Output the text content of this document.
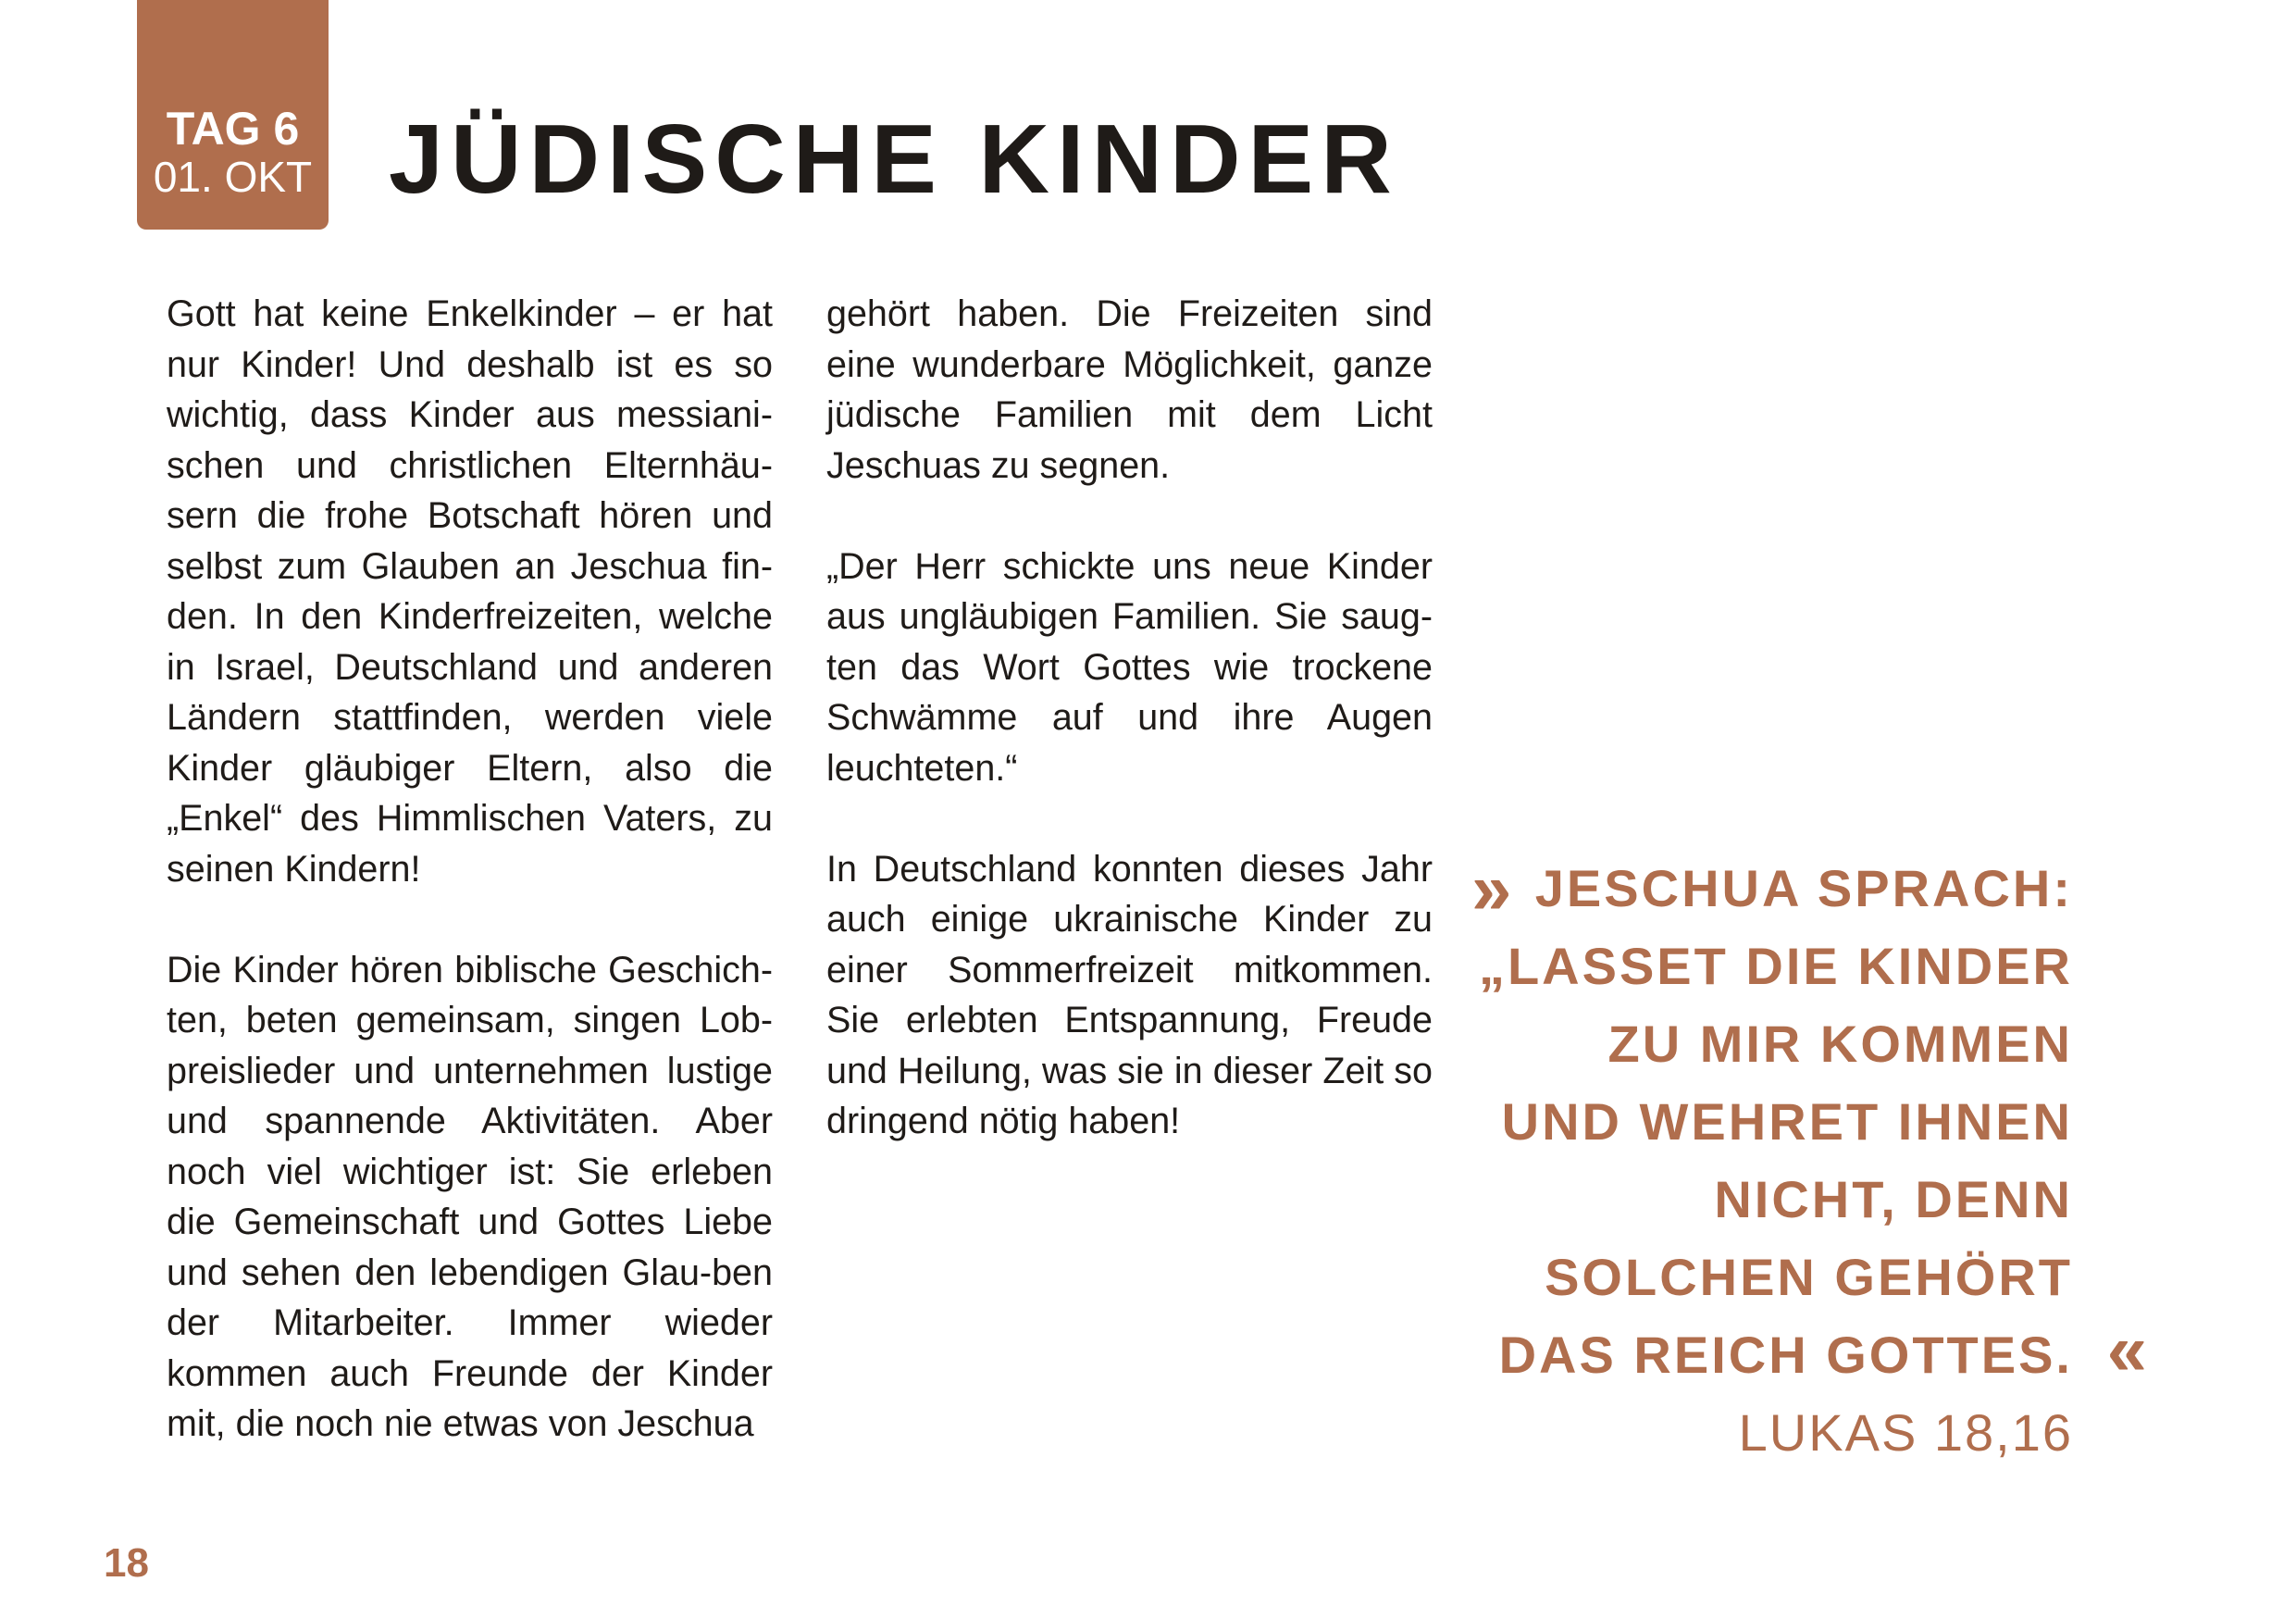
TAG 6
01. OKT JÜDISCHE KINDER

Gott hat keine Enkelkinder – er hat nur Kinder! Und deshalb ist es so wichtig, dass Kinder aus messiani-schen und christlichen Elternhäu-sern die frohe Botschaft hören und selbst zum Glauben an Jeschua fin-den. In den Kinderfreizeiten, welche in Israel, Deutschland und anderen Ländern stattfinden, werden viele Kinder gläubiger Eltern, also die „Enkel“ des Himmlischen Vaters, zu seinen Kindern!

Die Kinder hören biblische Geschich-ten, beten gemeinsam, singen Lob-preislieder und unternehmen lustige und spannende Aktivitäten. Aber noch viel wichtiger ist: Sie erleben die Gemeinschaft und Gottes Liebe und sehen den lebendigen Glau-ben der Mitarbeiter. Immer wieder kommen auch Freunde der Kinder mit, die noch nie etwas von Jeschua

gehört haben. Die Freizeiten sind eine wunderbare Möglichkeit, ganze jüdische Familien mit dem Licht Jeschuas zu segnen.

„Der Herr schickte uns neue Kinder aus ungläubigen Familien. Sie saug-ten das Wort Gottes wie trockene Schwämme auf und ihre Augen leuchteten.“

In Deutschland konnten dieses Jahr auch einige ukrainische Kinder zu einer Sommerfreizeit mitkommen. Sie erlebten Entspannung, Freude und Heilung, was sie in dieser Zeit so dringend nötig haben!

» JESCHUA SPRACH:
„LASSET DIE KINDER
ZU MIR KOMMEN
UND WEHRET IHNEN
NICHT, DENN
SOLCHEN GEHÖRT
DAS REICH GOTTES. «
LUKAS 18,16
18
